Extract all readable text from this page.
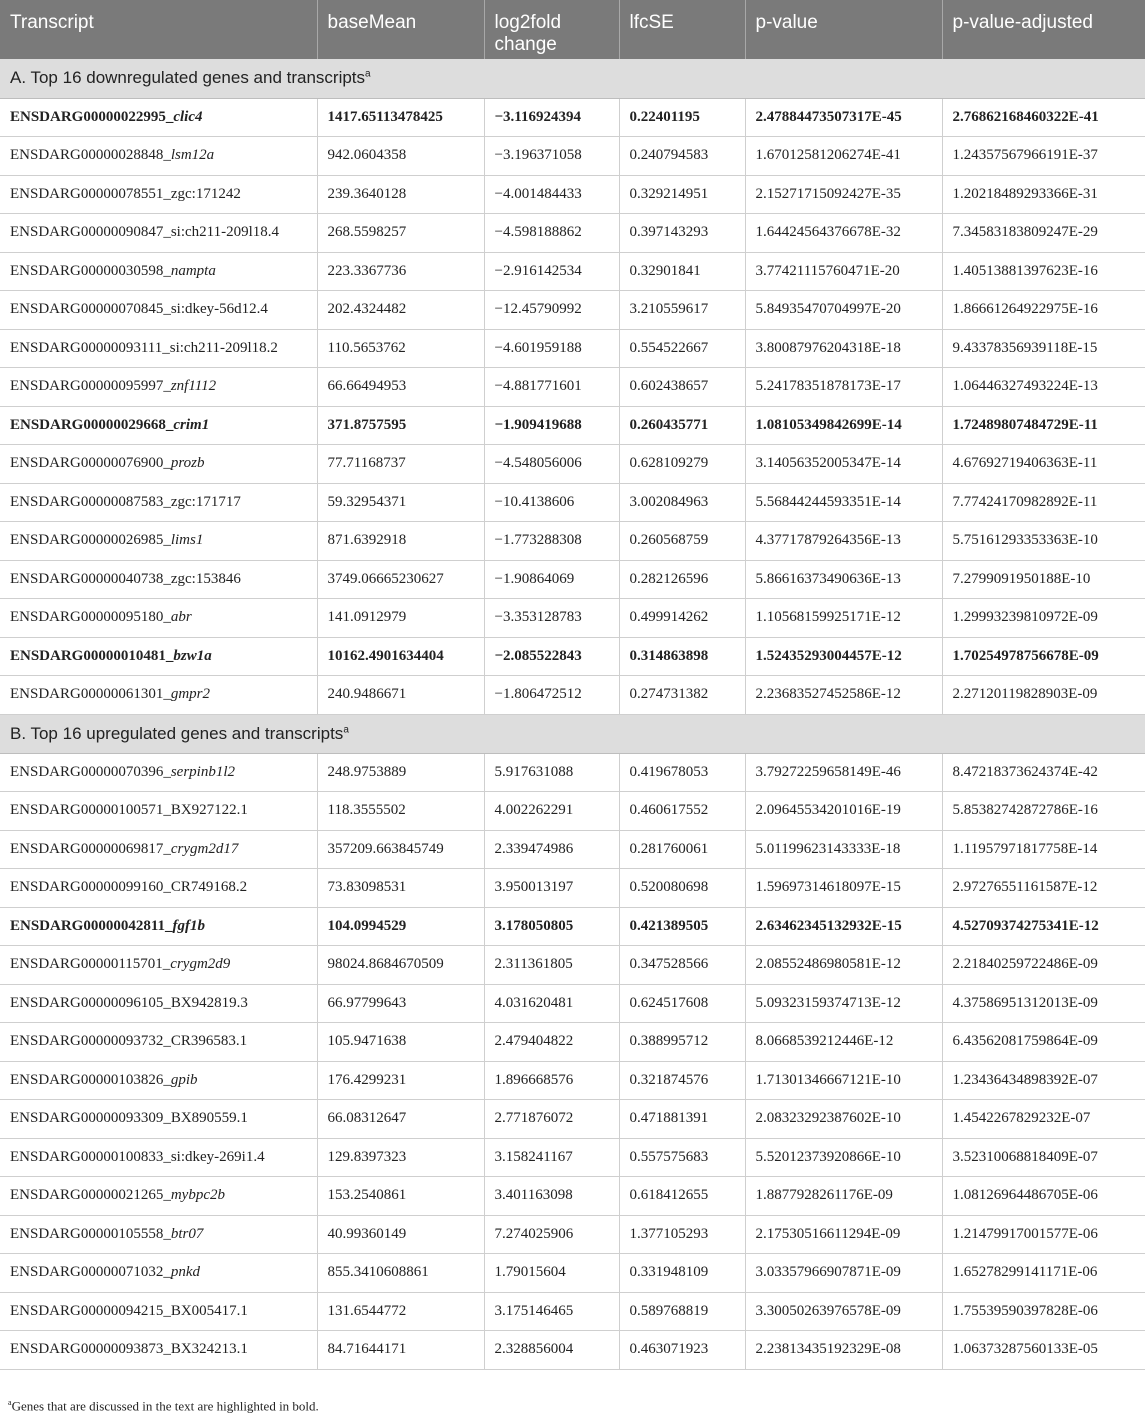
Transcript	baseMean	log2fold change	lfcSE	p-value	p-value-adjusted
A. Top 16 downregulated genes and transcripts$^a$
ENSDARG00000022995_clic4	1417.65113478425	−3.116924394	0.22401195	2.47884473507317E-45	2.76862168460322E-41
ENSDARG00000028848_lsm12a	942.0604358	−3.196371058	0.240794583	1.67012581206274E-41	1.24357567966191E-37
ENSDARG00000078551_zgc:171242	239.3640128	−4.001484433	0.329214951	2.15271715092427E-35	1.20218489293366E-31
ENSDARG00000090847_si:ch211-209l18.4	268.5598257	−4.598188862	0.397143293	1.64424564376678E-32	7.34583183809247E-29
ENSDARG00000030598_nampta	223.3367736	−2.916142534	0.32901841	3.77421115760471E-20	1.40513881397623E-16
ENSDARG00000070845_si:dkey-56d12.4	202.4324482	−12.45790992	3.210559617	5.84935470704997E-20	1.86661264922975E-16
ENSDARG00000093111_si:ch211-209l18.2	110.5653762	−4.601959188	0.554522667	3.80087976204318E-18	9.43378356939118E-15
ENSDARG00000095997_znf1112	66.66494953	−4.881771601	0.602438657	5.24178351878173E-17	1.06446327493224E-13
ENSDARG00000029668_crim1	371.8757595	−1.909419688	0.260435771	1.08105349842699E-14	1.72489807484729E-11
ENSDARG00000076900_prozb	77.71168737	−4.548056006	0.628109279	3.14056352005347E-14	4.67692719406363E-11
ENSDARG00000087583_zgc:171717	59.32954371	−10.4138606	3.002084963	5.56844244593351E-14	7.77424170982892E-11
ENSDARG00000026985_lims1	871.6392918	−1.773288308	0.260568759	4.37717879264356E-13	5.75161293353363E-10
ENSDARG00000040738_zgc:153846	3749.06665230627	−1.90864069	0.282126596	5.86616373490636E-13	7.2799091950188E-10
ENSDARG00000095180_abr	141.0912979	−3.353128783	0.499914262	1.10568159925171E-12	1.29993239810972E-09
ENSDARG00000010481_bzw1a	10162.4901634404	−2.085522843	0.314863898	1.52435293004457E-12	1.70254978756678E-09
ENSDARG00000061301_gmpr2	240.9486671	−1.806472512	0.274731382	2.23683527452586E-12	2.27120119828903E-09
B. Top 16 upregulated genes and transcripts$^a$
ENSDARG00000070396_serpinb1l2	248.9753889	5.917631088	0.419678053	3.79272259658149E-46	8.47218373624374E-42
ENSDARG00000100571_BX927122.1	118.3555502	4.002262291	0.460617552	2.09645534201016E-19	5.85382742872786E-16
ENSDARG00000069817_crygm2d17	357209.663845749	2.339474986	0.281760061	5.01199623143333E-18	1.11957971817758E-14
ENSDARG00000099160_CR749168.2	73.83098531	3.950013197	0.520080698	1.59697314618097E-15	2.97276551161587E-12
ENSDARG00000042811_fgf1b	104.0994529	3.178050805	0.421389505	2.63462345132932E-15	4.52709374275341E-12
ENSDARG00000115701_crygm2d9	98024.8684670509	2.311361805	0.347528566	2.08552486980581E-12	2.21840259722486E-09
ENSDARG00000096105_BX942819.3	66.97799643	4.031620481	0.624517608	5.09323159374713E-12	4.37586951312013E-09
ENSDARG00000093732_CR396583.1	105.9471638	2.479404822	0.388995712	8.0668539212446E-12	6.43562081759864E-09
ENSDARG00000103826_gpib	176.4299231	1.896668576	0.321874576	1.71301346667121E-10	1.23436434898392E-07
ENSDARG00000093309_BX890559.1	66.08312647	2.771876072	0.471881391	2.08323292387602E-10	1.4542267829232E-07
ENSDARG00000100833_si:dkey-269i1.4	129.8397323	3.158241167	0.557575683	5.52012373920866E-10	3.52310068818409E-07
ENSDARG00000021265_mybpc2b	153.2540861	3.401163098	0.618412655	1.8877928261176E-09	1.08126964486705E-06
ENSDARG00000105558_btr07	40.99360149	7.274025906	1.377105293	2.17530516611294E-09	1.21479917001577E-06
ENSDARG00000071032_pnkd	855.3410608861	1.79015604	0.331948109	3.03357966907871E-09	1.65278299141171E-06
ENSDARG00000094215_BX005417.1	131.6544772	3.175146465	0.589768819	3.30050263976578E-09	1.75539590397828E-06
ENSDARG00000093873_BX324213.1	84.71644171	2.328856004	0.463071923	2.23813435192329E-08	1.06373287560133E-05
$^a$Genes that are discussed in the text are highlighted in bold.
